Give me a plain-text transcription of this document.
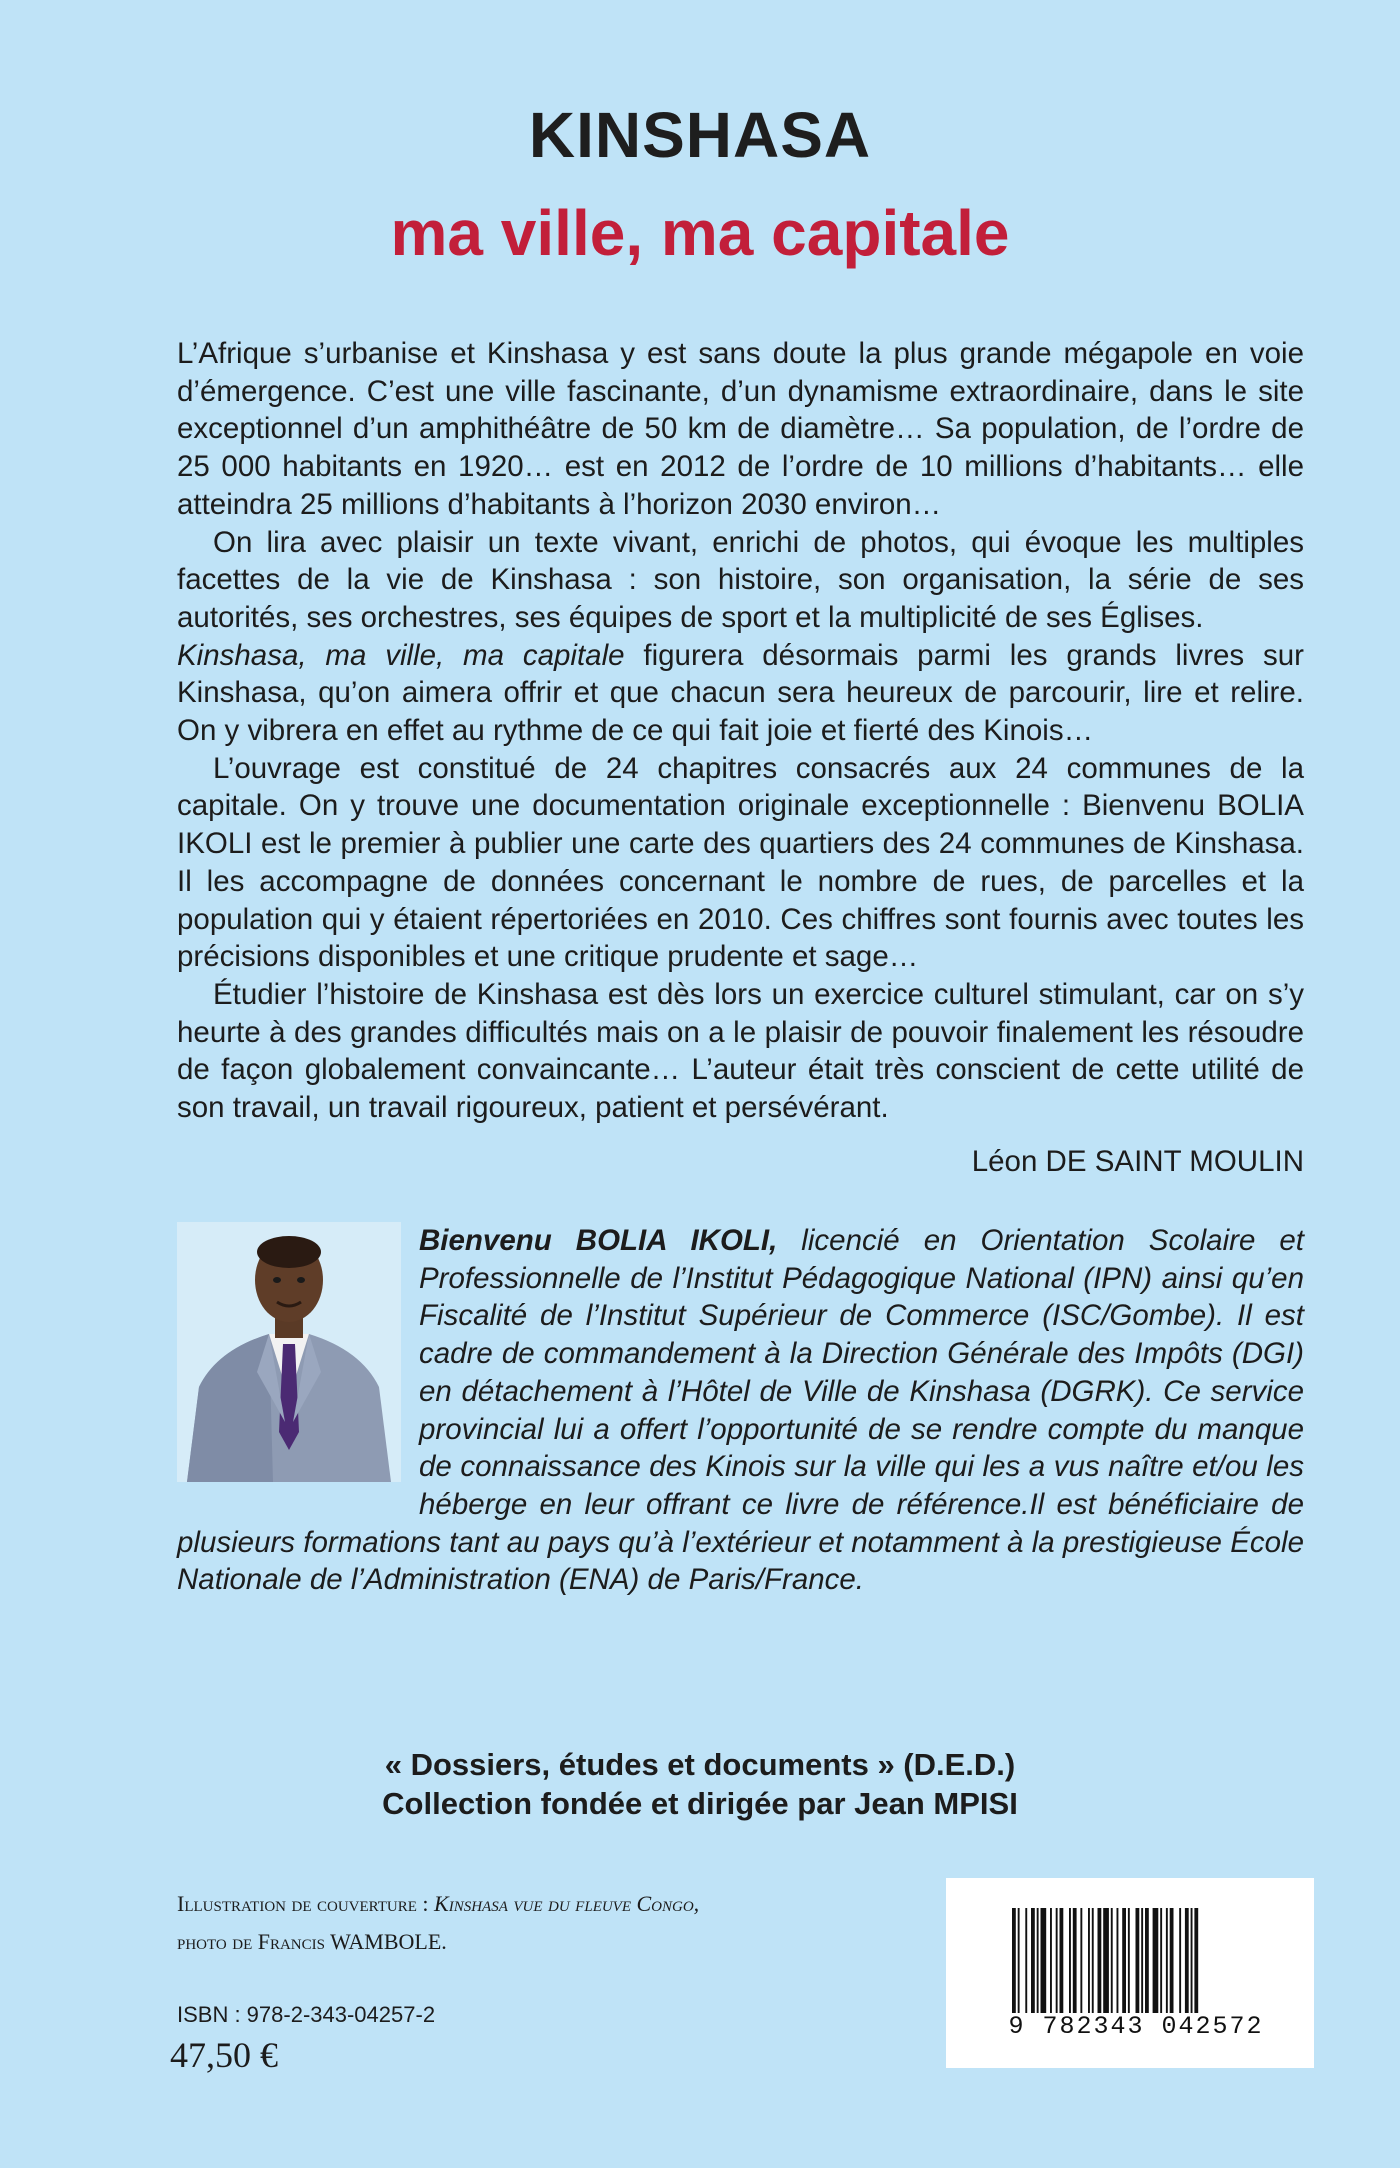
KINSHASA
ma ville, ma capitale

L’Afrique s’urbanise et Kinshasa y est sans doute la plus grande mégapole en voie d’émergence. C’est une ville fascinante, d’un dynamisme extraordinaire, dans le site exceptionnel d’un amphithéâtre de 50 km de diamètre… Sa population, de l’ordre de 25 000 habitants en 1920… est en 2012 de l’ordre de 10 millions d’habitants… elle atteindra 25 millions d’habitants à l’horizon 2030 environ…

On lira avec plaisir un texte vivant, enrichi de photos, qui évoque les multiples facettes de la vie de Kinshasa : son histoire, son organisation, la série de ses autorités, ses orchestres, ses équipes de sport et la multiplicité de ses Églises.

Kinshasa, ma ville, ma capitale figurera désormais parmi les grands livres sur Kinshasa, qu’on aimera offrir et que chacun sera heureux de parcourir, lire et relire. On y vibrera en effet au rythme de ce qui fait joie et fierté des Kinois…

L’ouvrage est constitué de 24 chapitres consacrés aux 24 communes de la capitale. On y trouve une documentation originale exceptionnelle : Bienvenu BOLIA IKOLI est le premier à publier une carte des quartiers des 24 communes de Kinshasa. Il les accompagne de données concernant le nombre de rues, de parcelles et la population qui y étaient répertoriées en 2010. Ces chiffres sont fournis avec toutes les précisions disponibles et une critique prudente et sage…

Étudier l’histoire de Kinshasa est dès lors un exercice culturel stimulant, car on s’y heurte à des grandes difficultés mais on a le plaisir de pouvoir finalement les résoudre de façon globalement convaincante… L’auteur était très conscient de cette utilité de son travail, un travail rigoureux, patient et persévérant.

Léon DE SAINT MOULIN

Bienvenu BOLIA IKOLI, licencié en Orientation Scolaire et Professionnelle de l’Institut Pédagogique National (IPN) ainsi qu’en Fiscalité de l’Institut Supérieur de Commerce (ISC/Gombe). Il est cadre de commandement à la Direction Générale des Impôts (DGI) en détachement à l’Hôtel de Ville de Kinshasa (DGRK). Ce service provincial lui a offert l’opportunité de se rendre compte du manque de connaissance des Kinois sur la ville qui les a vus naître et/ou les héberge en leur offrant ce livre de référence.Il est bénéficiaire de plusieurs formations tant au pays qu’à l’extérieur et notamment à la prestigieuse École Nationale de l’Administration (ENA) de Paris/France.

« Dossiers, études et documents » (D.E.D.)
Collection fondée et dirigée par Jean MPISI
Illustration de couverture : Kinshasa vue du fleuve Congo,
photo de Francis WAMBOLE.
ISBN : 978-2-343-04257-2
47,50 €
9 782343 042572
